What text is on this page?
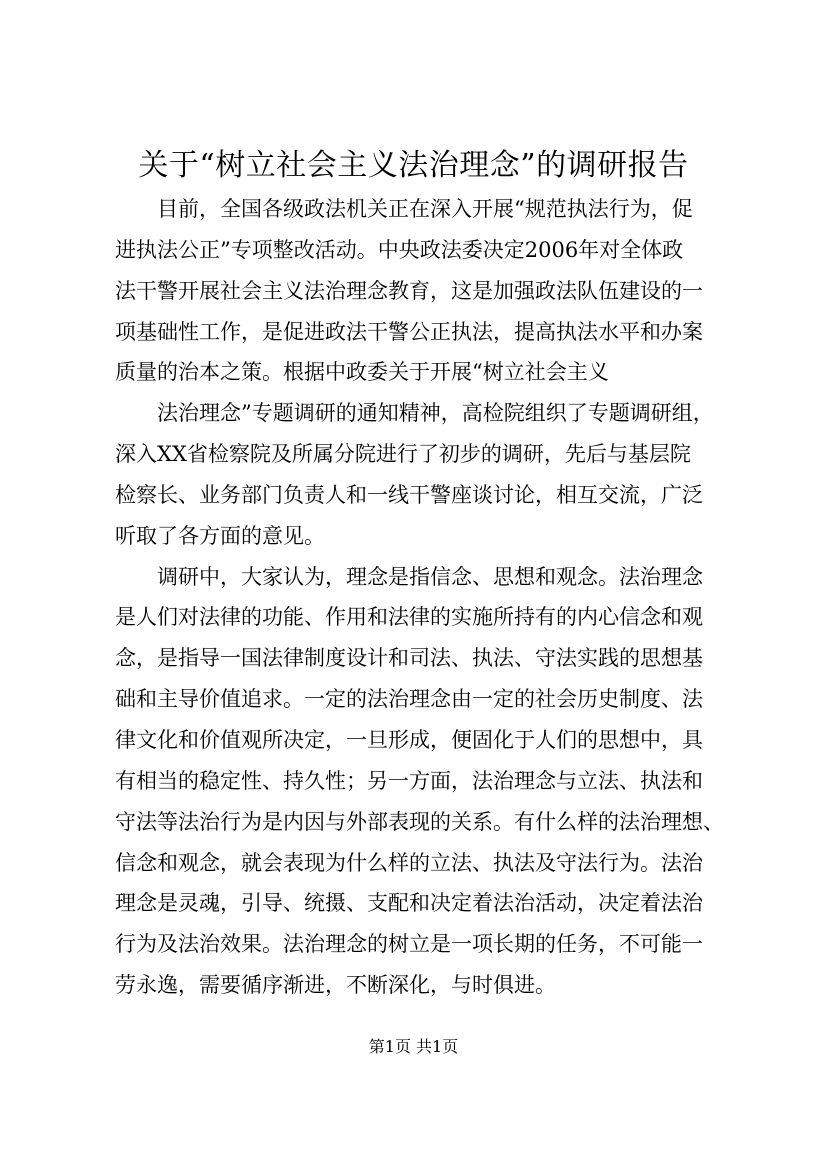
关于“树立社会主义法治理念”的调研报告

目前，全国各级政法机关正在深入开展“规范执法行为，促
进执法公正”专项整改活动。中央政法委决定2006年对全体政
法干警开展社会主义法治理念教育，这是加强政法队伍建设的一
项基础性工作，是促进政法干警公正执法，提高执法水平和办案
质量的治本之策。根据中政委关于开展“树立社会主义

法治理念”专题调研的通知精神，高检院组织了专题调研组，
深入XX省检察院及所属分院进行了初步的调研，先后与基层院
检察长、业务部门负责人和一线干警座谈讨论，相互交流，广泛
听取了各方面的意见。

调研中，大家认为，理念是指信念、思想和观念。法治理念
是人们对法律的功能、作用和法律的实施所持有的内心信念和观
念，是指导一国法律制度设计和司法、执法、守法实践的思想基
础和主导价值追求。一定的法治理念由一定的社会历史制度、法
律文化和价值观所决定，一旦形成，便固化于人们的思想中，具
有相当的稳定性、持久性；另一方面，法治理念与立法、执法和
守法等法治行为是内因与外部表现的关系。有什么样的法治理想、
信念和观念，就会表现为什么样的立法、执法及守法行为。法治
理念是灵魂，引导、统摄、支配和决定着法治活动，决定着法治
行为及法治效果。法治理念的树立是一项长期的任务，不可能一
劳永逸，需要循序渐进，不断深化，与时俱进。

第1页 共1页
